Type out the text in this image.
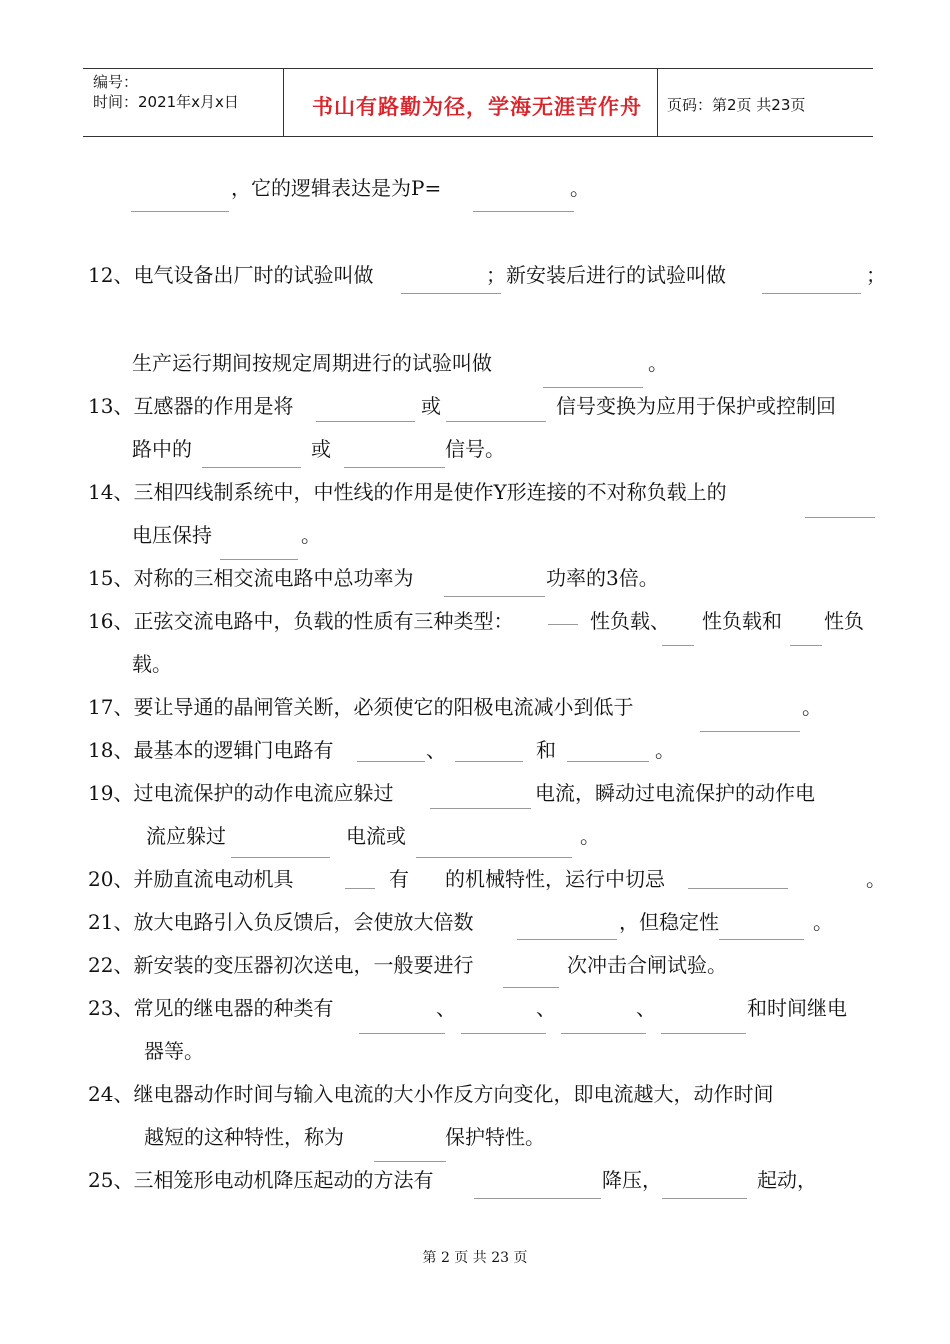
编号：
时间：2021年x月x日	书山有路勤为径，学海无涯苦作舟 页码：第2页 共23页
，它的逻辑表达是为P=	。
12、电气设备出厂时的试验叫做	；新安装后进行的试验叫做	；
生产运行期间按规定周期进行的试验叫做	。
13、互感器的作用是将	或	信号变换为应用于保护或控制回
路中的	或	信号。
14、三相四线制系统中，中性线的作用是使作Y形连接的不对称负载上的
电压保持	。
15、对称的三相交流电路中总功率为	功率的3倍。
16、正弦交流电路中，负载的性质有三种类型：	性负载、 性负载和 性负
载。
17、要让导通的晶闸管关断，必须使它的阳极电流减小到低于	。
18、最基本的逻辑门电路有	、	和	。
19、过电流保护的动作电流应躲过	电流，瞬动过电流保护的动作电
流应躲过	电流或	。
20、并励直流电动机具	有 的机械特性，运行中切忌	。
21、放大电路引入负反馈后，会使放大倍数	，但稳定性	。
22、新安装的变压器初次送电，一般要进行	次冲击合闸试验。
23、常见的继电器的种类有	、	、	、	和时间继电
器等。
24、继电器动作时间与输入电流的大小作反方向变化，即电流越大，动作时间
越短的这种特性，称为	保护特性。
25、三相笼形电动机降压起动的方法有	降压，	起动，
第 2 页 共 23 页
